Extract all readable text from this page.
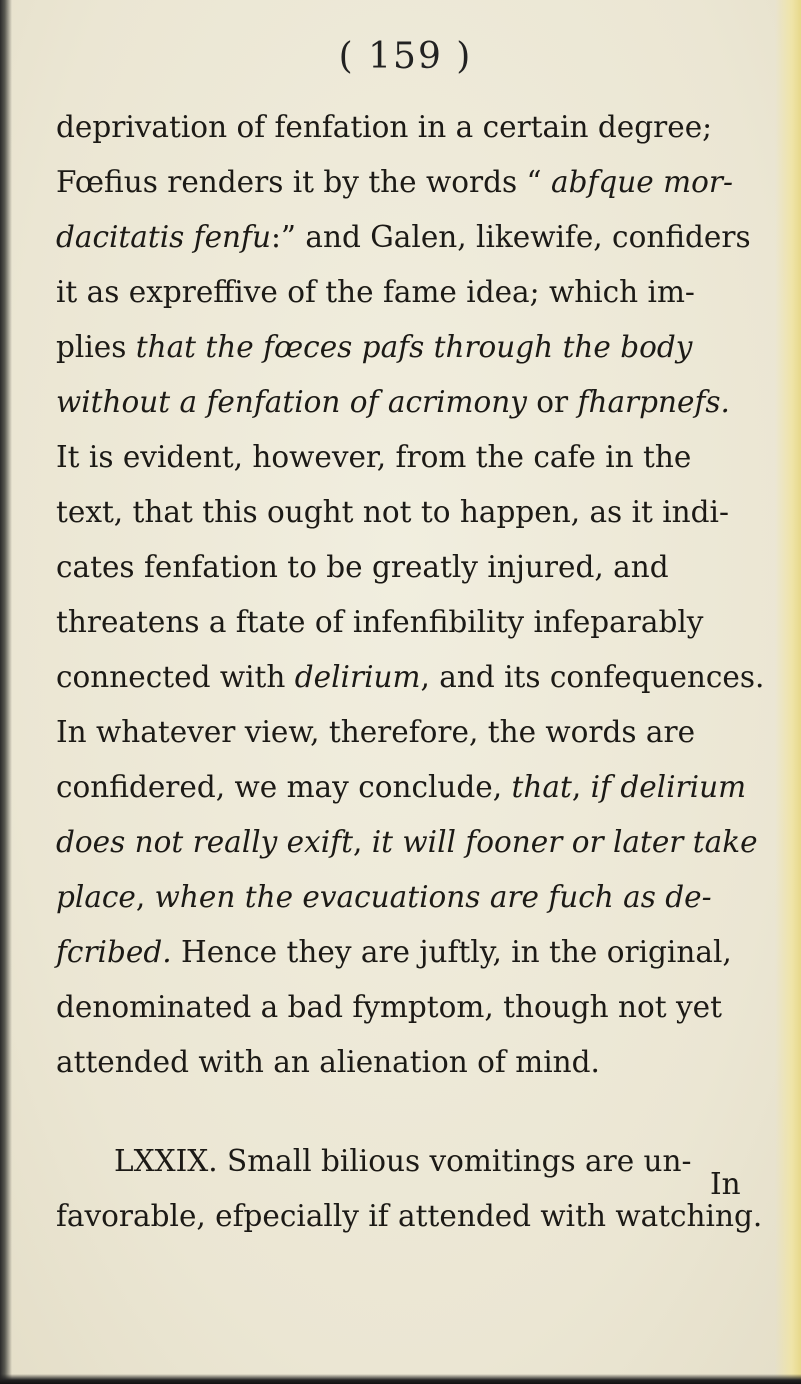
( 159 )
deprivation of fenfation in a certain degree;
Fœfius renders it by the words “ abfque mor-
dacitatis fenfu :” and Galen, likewife, confiders
it as expreffive of the fame idea; which im-
plies that the fœces pafs through the body
without a fenfation of acrimony or fharpnefs.
It is evident, however, from the cafe in the
text, that this ought not to happen, as it indi-
cates fenfation to be greatly injured, and
threatens a ftate of infenfibility infeparably
connected with delirium , and its confequences.
In whatever view, therefore, the words are
confidered, we may conclude, that , if delirium
does not really exift , it will fooner or later take
place , when the evacuations are fuch as de-
fcribed. Hence they are juftly, in the original,
denominated a bad fymptom, though not yet
attended with an alienation of mind.
LXXIX. Small bilious vomitings are un-
favorable, efpecially if attended with watching.
In
